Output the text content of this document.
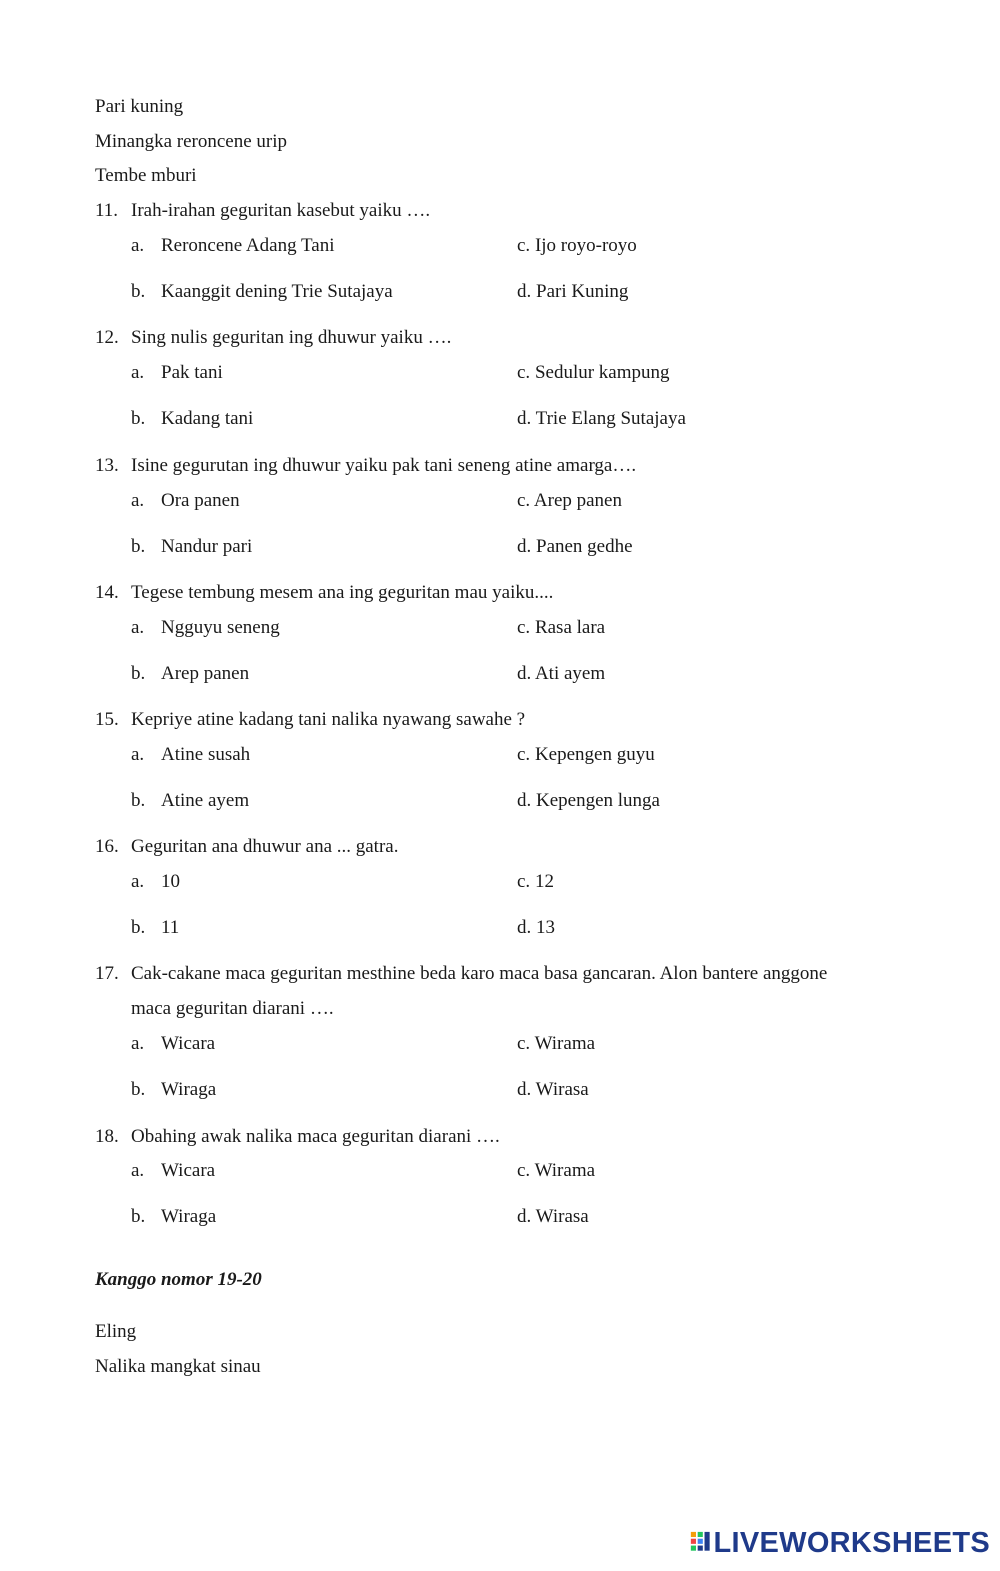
Pari kuning
Minangka reroncene urip
Tembe mburi
11. Irah-irahan geguritan kasebut yaiku ….
a. Reroncene Adang Tani	c. Ijo royo-royo
b. Kaanggit dening Trie Sutajaya	d. Pari Kuning
12. Sing nulis geguritan ing dhuwur yaiku ….
a. Pak tani	c. Sedulur kampung
b. Kadang tani	d. Trie Elang Sutajaya
13. Isine gegurutan ing dhuwur yaiku pak tani seneng atine amarga….
a. Ora panen	c. Arep panen
b. Nandur pari	d. Panen gedhe
14. Tegese tembung mesem ana ing geguritan mau yaiku....
a. Ngguyu seneng	c. Rasa lara
b. Arep panen	d. Ati ayem
15. Kepriye atine kadang tani nalika nyawang sawahe ?
a. Atine susah	c. Kepengen guyu
b. Atine ayem	d. Kepengen lunga
16. Geguritan ana dhuwur ana ... gatra.
a. 10	c. 12
b. 11	d. 13
17. Cak-cakane maca geguritan mesthine beda karo maca basa gancaran. Alon bantere anggone
maca geguritan diarani ….
a. Wicara	c. Wirama
b. Wiraga	d. Wirasa
18. Obahing awak nalika maca geguritan diarani ….
a. Wicara	c. Wirama
b. Wiraga	d. Wirasa
Kanggo nomor 19-20
Eling
Nalika mangkat sinau
LIVEWORKSHEETS
